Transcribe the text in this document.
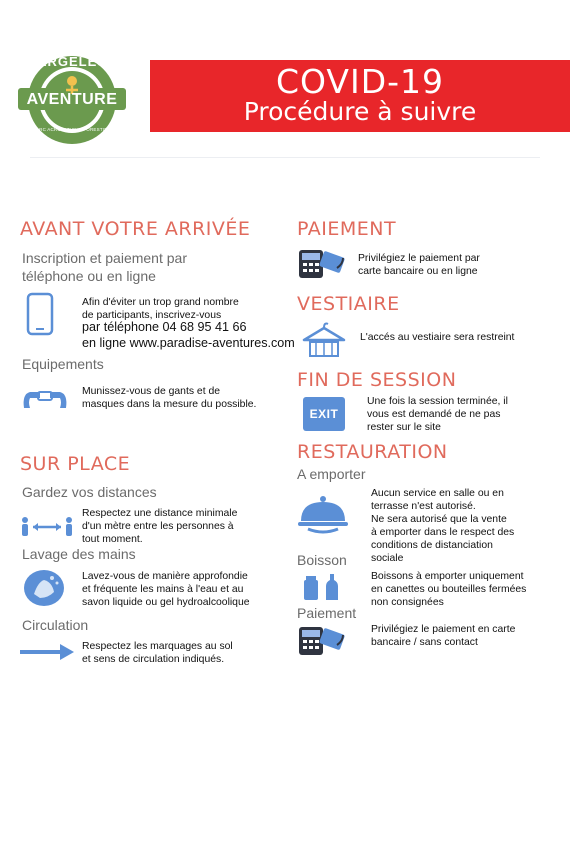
ARGELES
AVENTURE
PARC ACROBATIQUE FORESTIER
COVID-19
Procédure à suivre
AVANT VOTRE ARRIVÉE
Inscription et paiement par
téléphone ou en ligne
Afin d'éviter un trop grand nombre
de participants, inscrivez-vous
par téléphone 04 68 95 41 66
en ligne www.paradise-aventures.com
Equipements
Munissez-vous de gants et de
masques dans la mesure du possible.
SUR PLACE
Gardez vos distances
Respectez une distance minimale
d'un mètre entre les personnes à
tout moment.
Lavage des mains
Lavez-vous de manière approfondie
et fréquente les mains à l'eau et au
savon liquide ou gel hydroalcoolique
Circulation
Respectez les marquages au sol
et sens de circulation indiqués.
PAIEMENT
Privilégiez le paiement par
carte bancaire ou en ligne
VESTIAIRE
L'accés au vestiaire sera restreint
FIN DE SESSION
EXIT
Une fois la session terminée, il
vous est demandé de ne pas
rester sur le site
RESTAURATION
A emporter
Aucun service en salle ou en
terrasse n'est autorisé.
Ne sera autorisé que la vente
à emporter dans le respect des
conditions de distanciation
sociale
Boisson
Boissons à emporter uniquement
en canettes ou bouteilles fermées
non consignées
Paiement
Privilégiez le paiement en carte
bancaire / sans contact
